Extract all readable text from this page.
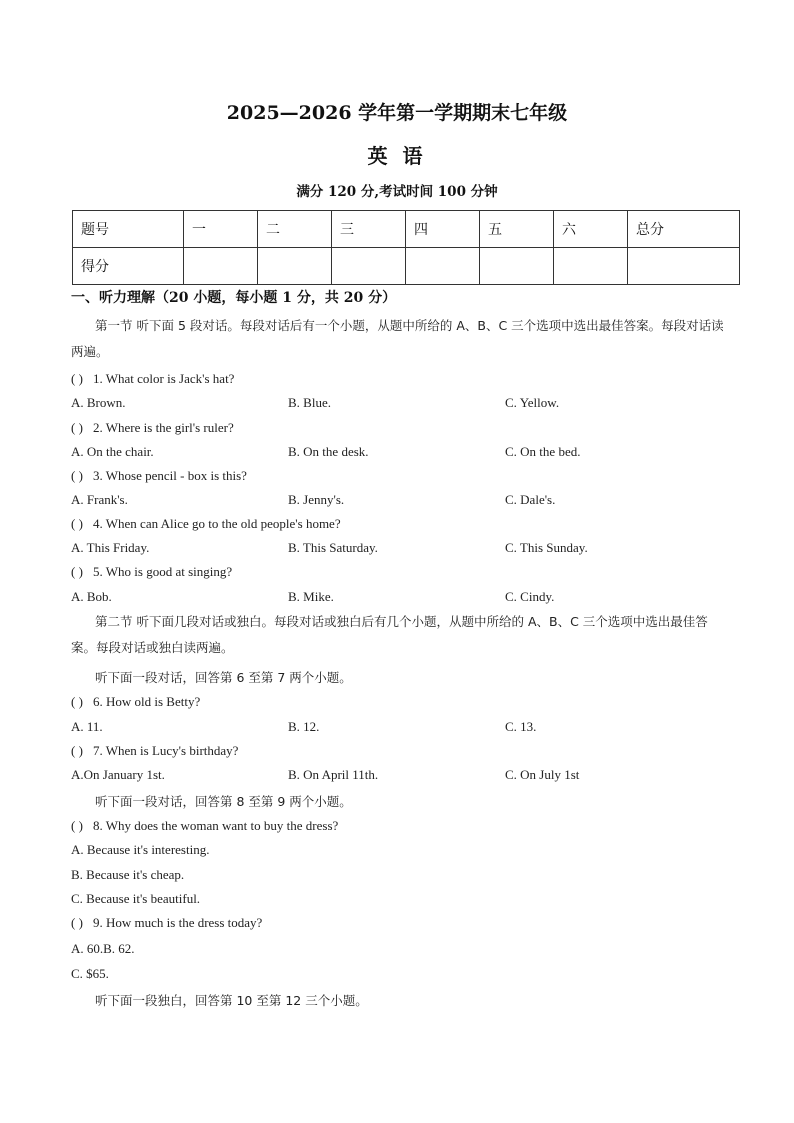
2025—2026 学年第一学期期末七年级
英 语
满分 120 分,考试时间 100 分钟
题号	一	二	三	四	五	六	总分
得分							
一、听力理解（20 小题，每小题 1 分，共 20 分）
第一节 听下面 5 段对话。每段对话后有一个小题，从题中所给的 A、B、C 三个选项中选出最佳答案。每段对话读两遍。
( ) 1. What color is Jack's hat?
A. Brown.	B. Blue.	C. Yellow.
( ) 2. Where is the girl's ruler?
A. On the chair.	B. On the desk.	C. On the bed.
( ) 3. Whose pencil - box is this?
A. Frank's.	B. Jenny's.	C. Dale's.
( ) 4. When can Alice go to the old people's home?
A. This Friday.	B. This Saturday.	C. This Sunday.
( ) 5. Who is good at singing?
A. Bob.	B. Mike.	C. Cindy.
第二节 听下面几段对话或独白。每段对话或独白后有几个小题，从题中所给的 A、B、C 三个选项中选出最佳答案。每段对话或独白读两遍。
听下面一段对话，回答第 6 至第 7 两个小题。
( ) 6. How old is Betty?
A. 11.	B. 12.	C. 13.
( ) 7. When is Lucy's birthday?
A.On January 1st.	B. On April 11th.	C. On July 1st
听下面一段对话，回答第 8 至第 9 两个小题。
( ) 8. Why does the woman want to buy the dress?
A. Because it's interesting.
B. Because it's cheap.
C. Because it's beautiful.
( ) 9. How much is the dress today?
A. 60.B. 62.
C. $65.
听下面一段独白，回答第 10 至第 12 三个小题。
